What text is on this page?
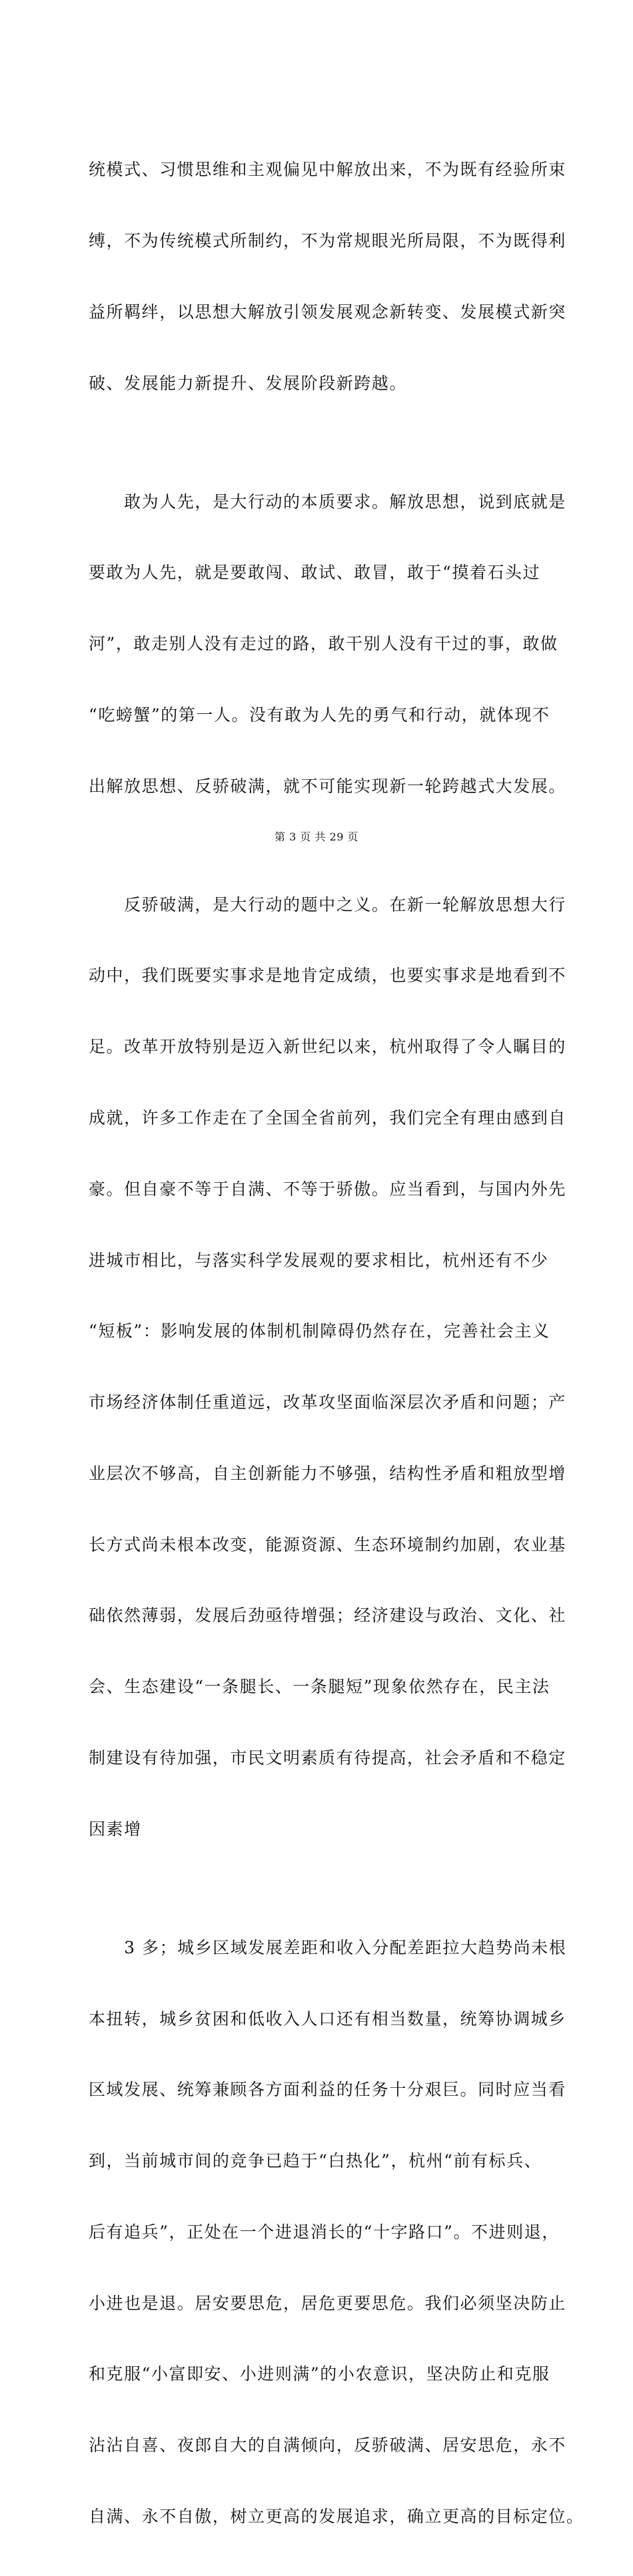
统模式、习惯思维和主观偏见中解放出来，不为既有经验所束

缚，不为传统模式所制约，不为常规眼光所局限，不为既得利

益所羁绊，以思想大解放引领发展观念新转变、发展模式新突

破、发展能力新提升、发展阶段新跨越。

　　敢为人先，是大行动的本质要求。解放思想，说到底就是

要敢为人先，就是要敢闯、敢试、敢冒，敢于“摸着石头过

河”，敢走别人没有走过的路，敢干别人没有干过的事，敢做

“吃螃蟹”的第一人。没有敢为人先的勇气和行动，就体现不

出解放思想、反骄破满，就不可能实现新一轮跨越式大发展。

　　反骄破满，是大行动的题中之义。在新一轮解放思想大行

动中，我们既要实事求是地肯定成绩，也要实事求是地看到不

足。改革开放特别是迈入新世纪以来，杭州取得了令人瞩目的

成就，许多工作走在了全国全省前列，我们完全有理由感到自

豪。但自豪不等于自满、不等于骄傲。应当看到，与国内外先

进城市相比，与落实科学发展观的要求相比，杭州还有不少

“短板”：影响发展的体制机制障碍仍然存在，完善社会主义

市场经济体制任重道远，改革攻坚面临深层次矛盾和问题；产

业层次不够高，自主创新能力不够强，结构性矛盾和粗放型增

长方式尚未根本改变，能源资源、生态环境制约加剧，农业基

础依然薄弱，发展后劲亟待增强；经济建设与政治、文化、社

会、生态建设“一条腿长、一条腿短”现象依然存在，民主法

制建设有待加强，市民文明素质有待提高，社会矛盾和不稳定

因素增

　　3 多；城乡区域发展差距和收入分配差距拉大趋势尚未根

本扭转，城乡贫困和低收入人口还有相当数量，统筹协调城乡

区域发展、统筹兼顾各方面利益的任务十分艰巨。同时应当看

到，当前城市间的竞争已趋于“白热化”，杭州“前有标兵、

后有追兵”，正处在一个进退消长的“十字路口”。不进则退，

小进也是退。居安要思危，居危更要思危。我们必须坚决防止

和克服“小富即安、小进则满”的小农意识，坚决防止和克服

沾沾自喜、夜郎自大的自满倾向，反骄破满、居安思危，永不

自满、永不自傲，树立更高的发展追求，确立更高的目标定位。

第 3 页 共 29 页
